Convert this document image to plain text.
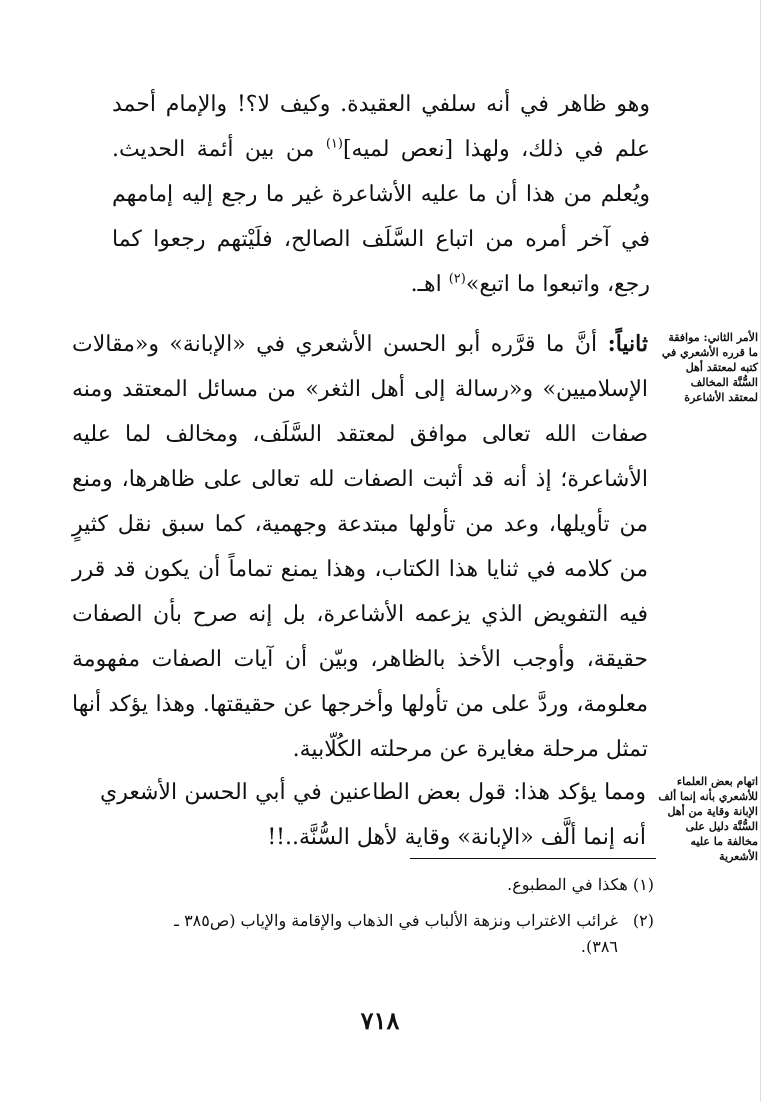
وهو ظاهر في أنه سلفي العقيدة. وكيف لا؟! والإمام أحمد علم في ذلك، ولهذا [نعص لميه]$^{(١)}$ من بين أئمة الحديث. ويُعلم من هذا أن ما عليه الأشاعرة غير ما رجع إليه إمامهم في آخر أمره من اتباع السَّلَف الصالح، فلَيْتهم رجعوا كما رجع، واتبعوا ما اتبع»$^{(٢)}$ اهـ.

الأمر الثاني: موافقة ما قرره الأشعري في كتبه لمعتقد أهل السُّنَّة المخالف لمعتقد الأشاعرة

ثانياً: أنَّ ما قرَّره أبو الحسن الأشعري في «الإبانة» و«مقالات الإسلاميين» و«رسالة إلى أهل الثغر» من مسائل المعتقد ومنه صفات الله تعالى موافق لمعتقد السَّلَف، ومخالف لما عليه الأشاعرة؛ إذ أنه قد أثبت الصفات لله تعالى على ظاهرها، ومنع من تأويلها، وعد من تأولها مبتدعة وجهمية، كما سبق نقل كثيرٍ من كلامه في ثنايا هذا الكتاب، وهذا يمنع تماماً أن يكون قد قرر فيه التفويض الذي يزعمه الأشاعرة، بل إنه صرح بأن الصفات حقيقة، وأوجب الأخذ بالظاهر، وبيّن أن آيات الصفات مفهومة معلومة، وردَّ على من تأولها وأخرجها عن حقيقتها. وهذا يؤكد أنها تمثل مرحلة مغايرة عن مرحلته الكُلّابية.

اتهام بعض العلماء للأشعري بأنه إنما ألف الإبانة وقاية من أهل السُّنَّة دليل على مخالفة ما عليه الأشعرية

ومما يؤكد هذا: قول بعض الطاعنين في أبي الحسن الأشعري أنه إنما ألَّف «الإبانة» وقاية لأهل السُّنَّة..!!

(١) هكذا في المطبوع.

(٢)غرائب الاغتراب ونزهة الألباب في الذهاب والإقامة والإياب (ص٣٨٥ ـ
٣٨٦).

٧١٨
